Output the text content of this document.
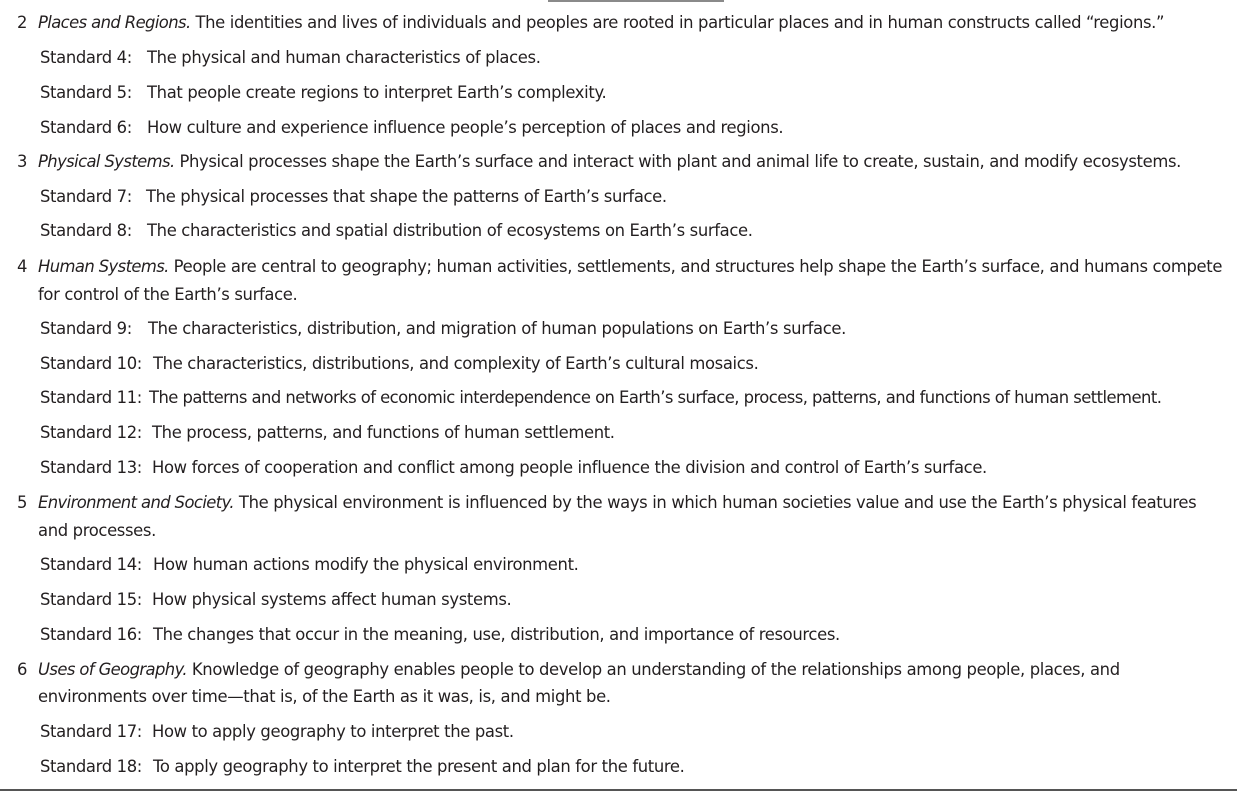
2 Places and Regions. The identities and lives of individuals and peoples are rooted in particular places and in human constructs called “regions.”
Standard 4: The physical and human characteristics of places.
Standard 5: That people create regions to interpret Earth’s complexity.
Standard 6: How culture and experience influence people’s perception of places and regions.
3 Physical Systems. Physical processes shape the Earth’s surface and interact with plant and animal life to create, sustain, and modify ecosystems.
Standard 7: The physical processes that shape the patterns of Earth’s surface.
Standard 8: The characteristics and spatial distribution of ecosystems on Earth’s surface.
4 Human Systems. People are central to geography; human activities, settlements, and structures help shape the Earth’s surface, and humans compete
for control of the Earth’s surface.
Standard 9: The characteristics, distribution, and migration of human populations on Earth’s surface.
Standard 10: The characteristics, distributions, and complexity of Earth’s cultural mosaics.
Standard 11: The patterns and networks of economic interdependence on Earth’s surface, process, patterns, and functions of human settlement.
Standard 12: The process, patterns, and functions of human settlement.
Standard 13: How forces of cooperation and conflict among people influence the division and control of Earth’s surface.
5 Environment and Society. The physical environment is influenced by the ways in which human societies value and use the Earth’s physical features
and processes.
Standard 14: How human actions modify the physical environment.
Standard 15: How physical systems affect human systems.
Standard 16: The changes that occur in the meaning, use, distribution, and importance of resources.
6 Uses of Geography. Knowledge of geography enables people to develop an understanding of the relationships among people, places, and
environments over time—that is, of the Earth as it was, is, and might be.
Standard 17: How to apply geography to interpret the past.
Standard 18: To apply geography to interpret the present and plan for the future.
